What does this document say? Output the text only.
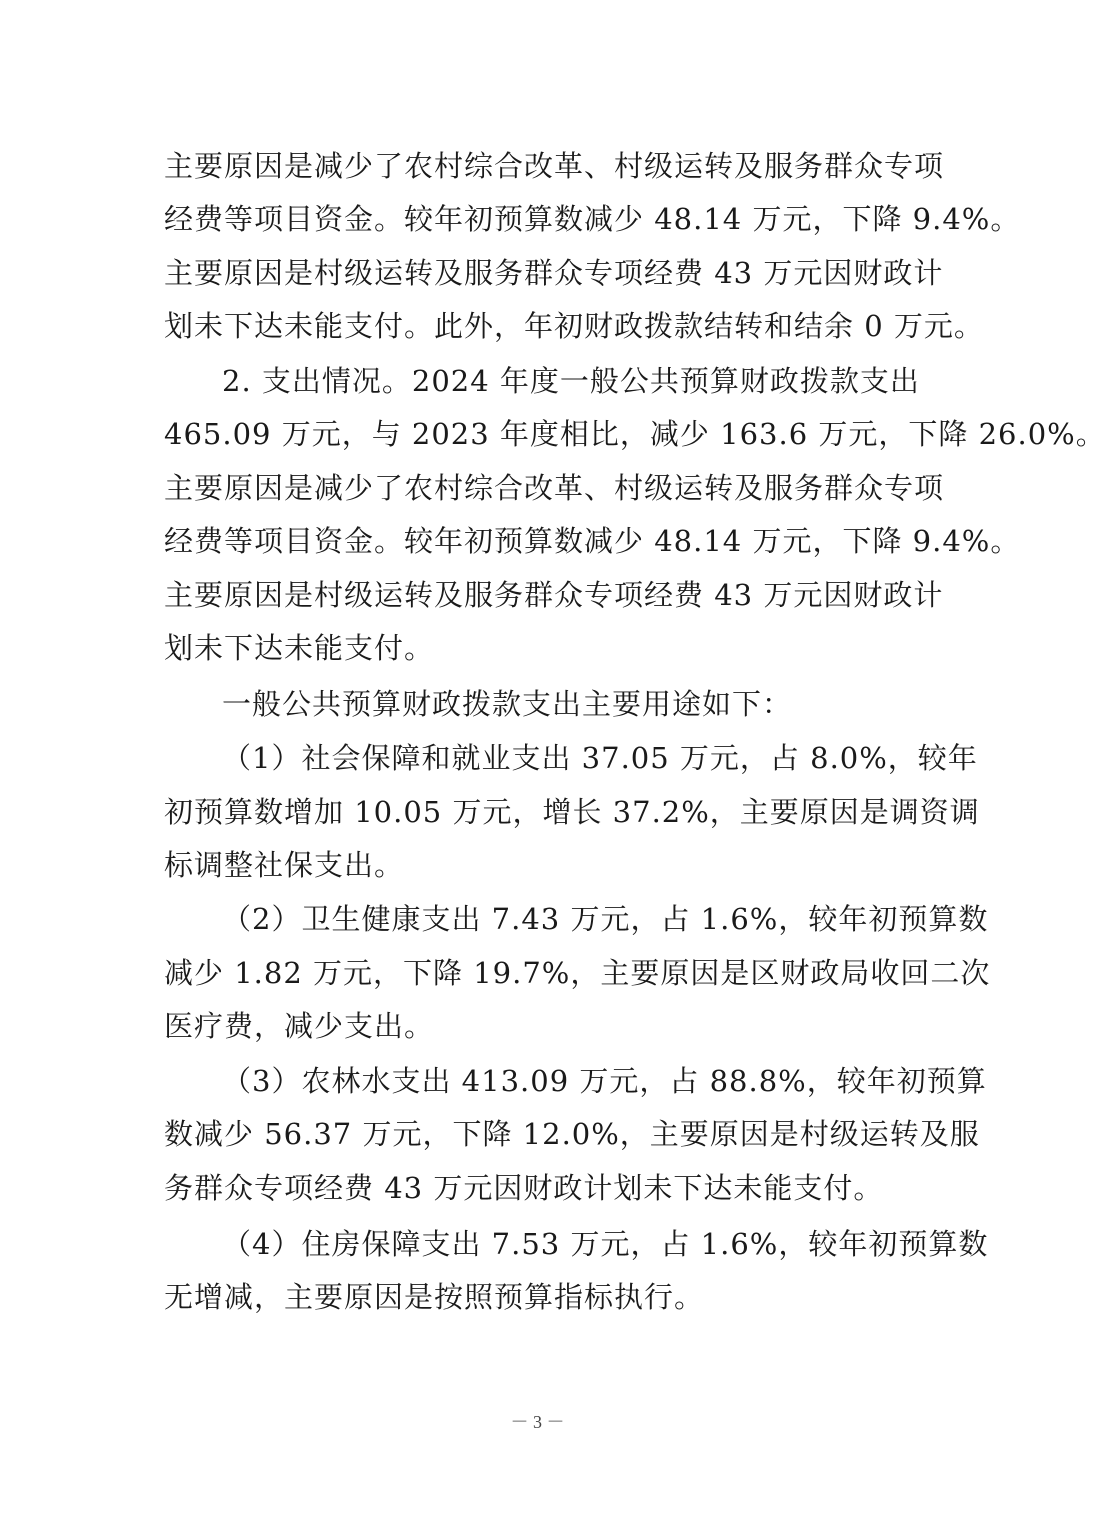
主要原因是减少了农村综合改革、村级运转及服务群众专项
经费等项目资金。较年初预算数减少 48.14 万元，下降 9.4%。
主要原因是村级运转及服务群众专项经费 43 万元因财政计
划未下达未能支付。此外，年初财政拨款结转和结余 0 万元。
2. 支出情况。2024 年度一般公共预算财政拨款支出
465.09 万元，与 2023 年度相比，减少 163.6 万元，下降 26.0%。
主要原因是减少了农村综合改革、村级运转及服务群众专项
经费等项目资金。较年初预算数减少 48.14 万元，下降 9.4%。
主要原因是村级运转及服务群众专项经费 43 万元因财政计
划未下达未能支付。
一般公共预算财政拨款支出主要用途如下：
（1）社会保障和就业支出 37.05 万元，占 8.0%，较年
初预算数增加 10.05 万元，增长 37.2%，主要原因是调资调
标调整社保支出。
（2）卫生健康支出 7.43 万元，占 1.6%，较年初预算数
减少 1.82 万元，下降 19.7%，主要原因是区财政局收回二次
医疗费，减少支出。
（3）农林水支出 413.09 万元，占 88.8%，较年初预算
数减少 56.37 万元，下降 12.0%，主要原因是村级运转及服
务群众专项经费 43 万元因财政计划未下达未能支付。
（4）住房保障支出 7.53 万元，占 1.6%，较年初预算数
无增减，主要原因是按照预算指标执行。
－ 3 －
